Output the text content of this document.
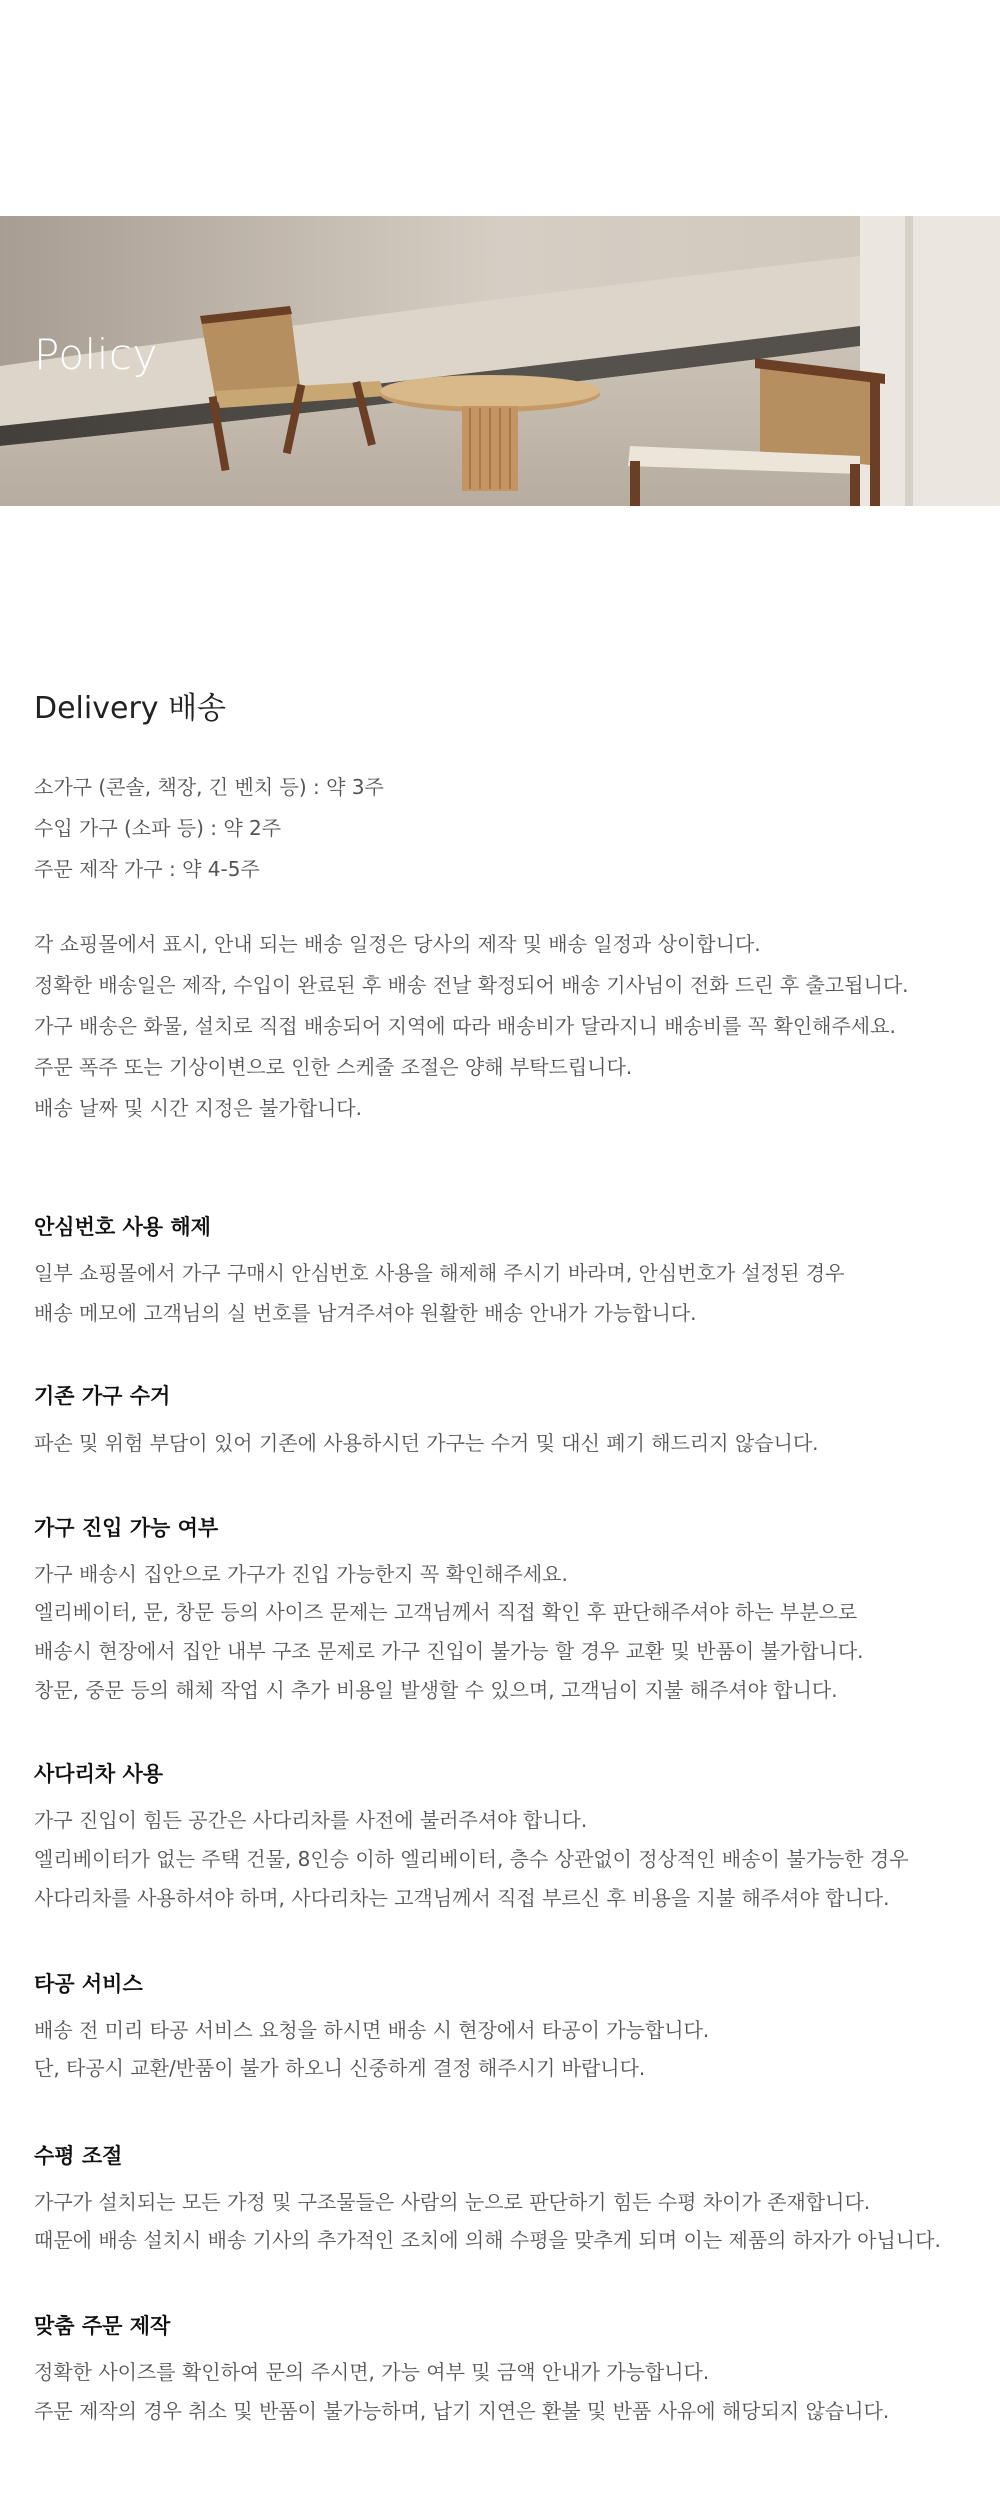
Policy
Delivery 배송
소가구 (콘솔, 책장, 긴 벤치 등) : 약 3주
수입 가구 (소파 등) : 약 2주
주문 제작 가구 : 약 4-5주
각 쇼핑몰에서 표시, 안내 되는 배송 일정은 당사의 제작 및 배송 일정과 상이합니다.
정확한 배송일은 제작, 수입이 완료된 후 배송 전날 확정되어 배송 기사님이 전화 드린 후 출고됩니다.
가구 배송은 화물, 설치로 직접 배송되어 지역에 따라 배송비가 달라지니 배송비를 꼭 확인해주세요.
주문 폭주 또는 기상이변으로 인한 스케줄 조절은 양해 부탁드립니다.
배송 날짜 및 시간 지정은 불가합니다.
안심번호 사용 해제
일부 쇼핑몰에서 가구 구매시 안심번호 사용을 해제해 주시기 바라며, 안심번호가 설정된 경우
배송 메모에 고객님의 실 번호를 남겨주셔야 원활한 배송 안내가 가능합니다.
기존 가구 수거
파손 및 위험 부담이 있어 기존에 사용하시던 가구는 수거 및 대신 폐기 해드리지 않습니다.
가구 진입 가능 여부
가구 배송시 집안으로 가구가 진입 가능한지 꼭 확인해주세요.
엘리베이터, 문, 창문 등의 사이즈 문제는 고객님께서 직접 확인 후 판단해주셔야 하는 부분으로
배송시 현장에서 집안 내부 구조 문제로 가구 진입이 불가능 할 경우 교환 및 반품이 불가합니다.
창문, 중문 등의 해체 작업 시 추가 비용일 발생할 수 있으며, 고객님이 지불 해주셔야 합니다.
사다리차 사용
가구 진입이 힘든 공간은 사다리차를 사전에 불러주셔야 합니다.
엘리베이터가 없는 주택 건물, 8인승 이하 엘리베이터, 층수 상관없이 정상적인 배송이 불가능한 경우
사다리차를 사용하셔야 하며, 사다리차는 고객님께서 직접 부르신 후 비용을 지불 해주셔야 합니다.
타공 서비스
배송 전 미리 타공 서비스 요청을 하시면 배송 시 현장에서 타공이 가능합니다.
단, 타공시 교환/반품이 불가 하오니 신중하게 결정 해주시기 바랍니다.
수평 조절
가구가 설치되는 모든 가정 및 구조물들은 사람의 눈으로 판단하기 힘든 수평 차이가 존재합니다.
때문에 배송 설치시 배송 기사의 추가적인 조치에 의해 수평을 맞추게 되며 이는 제품의 하자가 아닙니다.
맞춤 주문 제작
정확한 사이즈를 확인하여 문의 주시면, 가능 여부 및 금액 안내가 가능합니다.
주문 제작의 경우 취소 및 반품이 불가능하며, 납기 지연은 환불 및 반품 사유에 해당되지 않습니다.
